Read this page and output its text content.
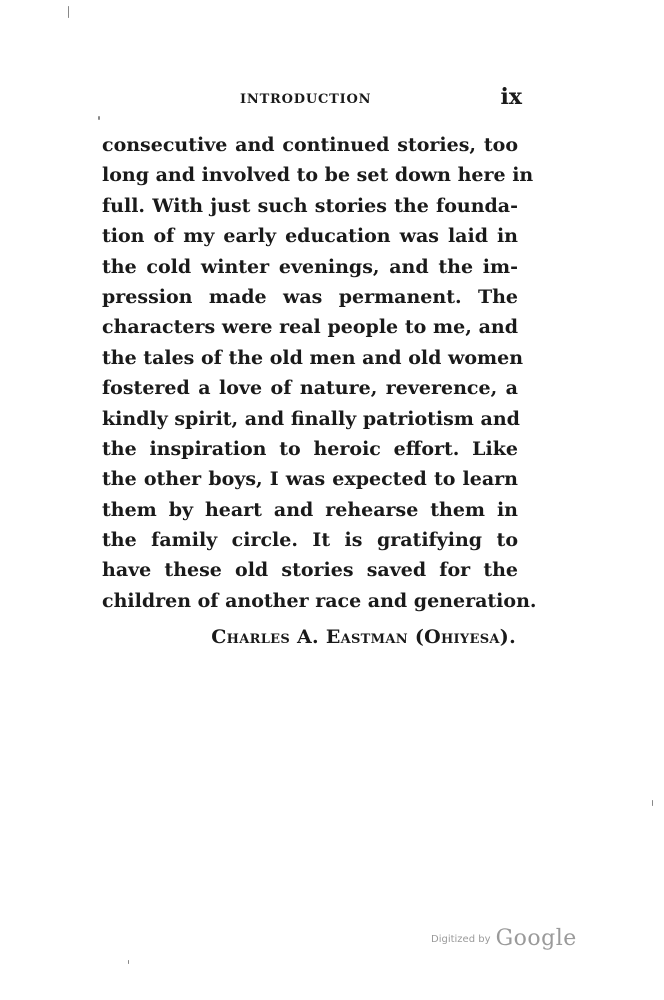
INTRODUCTION	ix
consecutive and continued stories, too
long and involved to be set down here in
full. With just such stories the founda-
tion of my early education was laid in
the cold winter evenings, and the im-
pression made was permanent. The
characters were real people to me, and
the tales of the old men and old women
fostered a love of nature, reverence, a
kindly spirit, and finally patriotism and
the inspiration to heroic effort. Like
the other boys, I was expected to learn
them by heart and rehearse them in
the family circle. It is gratifying to
have these old stories saved for the
children of another race and generation.
Charles A. Eastman (Ohiyesa).
Digitized by Google
